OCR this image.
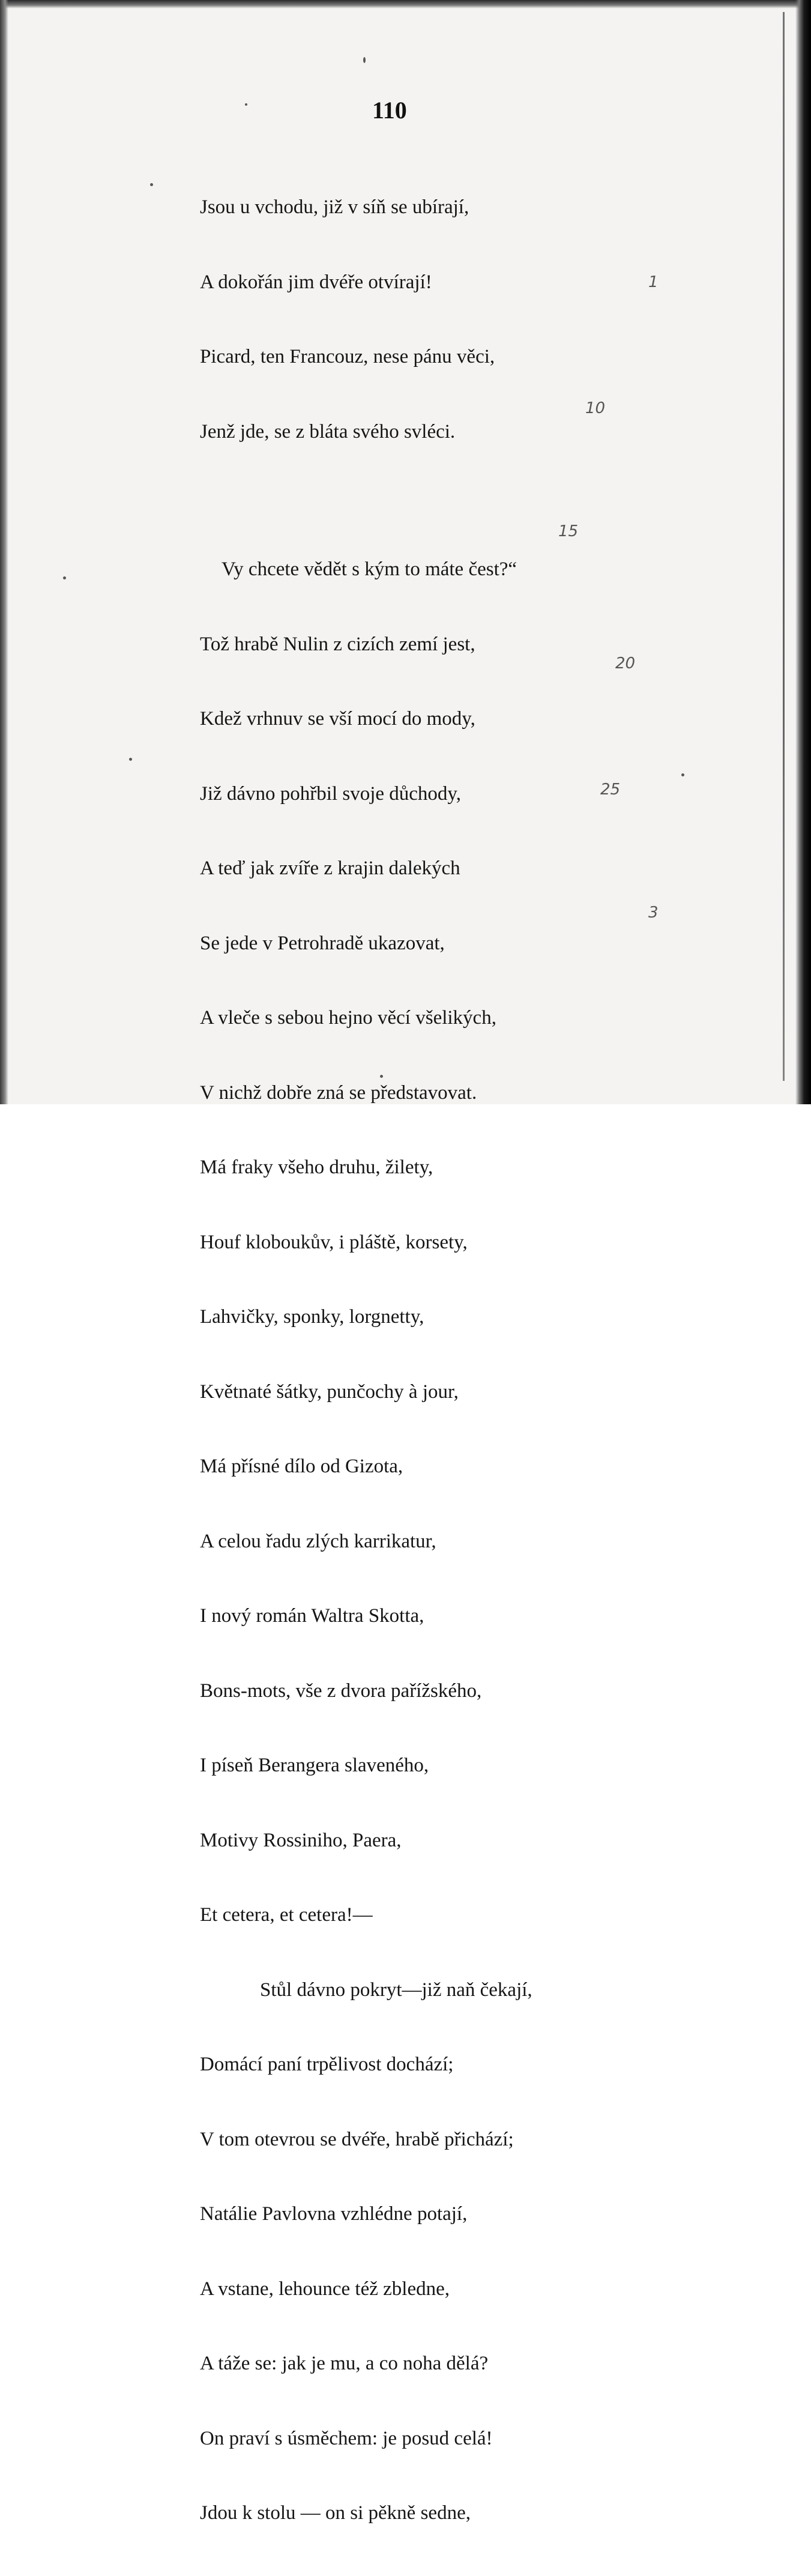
110

Jsou u vchodu, již v síň se ubírají,

A dokořán jim dvéře otvírají!

Picard, ten Francouz, nese pánu věci,

Jenž jde, se z bláta svého svléci.

Vy chcete vědět s kým to máte čest?“

Tož hrabě Nulin z cizích zemí jest,

Kdež vrhnuv se vší mocí do mody,

Již dávno pohřbil svoje důchody,

A teď jak zvíře z krajin dalekých

Se jede v Petrohradě ukazovat,

A vleče s sebou hejno věcí všelikých,

V nichž dobře zná se představovat.

Má fraky všeho druhu, žilety,

Houf kloboukův, i pláště, korsety,

Lahvičky, sponky, lorgnetty,

Květnaté šátky, punčochy à jour,

Má přísné dílo od Gizota,

A celou řadu zlých karrikatur,

I nový román Waltra Skotta,

Bons-mots, vše z dvora pařížského,

I píseň Berangera slaveného,

Motivy Rossiniho, Paera,

Et cetera, et cetera!—

Stůl dávno pokryt—již naň čekají,

Domácí paní trpělivost dochází;

V tom otevrou se dvéře, hrabě přichází;

Natálie Pavlovna vzhlédne potají,

A vstane, lehounce též zbledne,

A táže se: jak je mu, a co noha dělá?

On praví s úsměchem: je posud celá!

Jdou k stolu — on si pěkně sedne,

1
10
15
20
25
3
